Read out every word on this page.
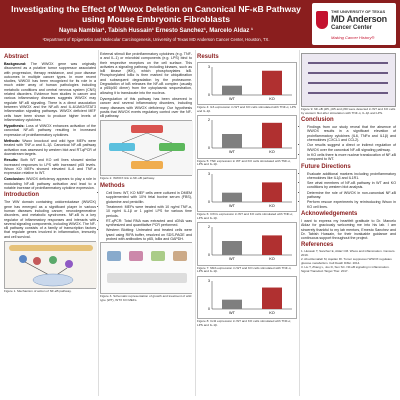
Investigating the Effect of Wwox Deletion on Canonical NF-κB Pathway using Mouse Embryonic Fibroblasts
Nayna Nambiar¹, Tabish Hussain¹ Ernesto Sanchez¹, Marcelo Aldaz ¹
¹Department of Epigenetics and Molecular Carcinogenesis, University of Texas MD Anderson Cancer Center, Houston, TX.
THE UNIVERSITY OF TEXAS
MD Anderson
Cancer Center
Making Cancer History®
Abstract
Background: The WWOX gene was originally discovered as a putative tumor suppressor associated with progression, therapy resistance, and poor disease outcomes in multiple cancer types. In more recent studies, WWOX has been recognized for its role in a much wider array of human pathologies including metabolic conditions and central nervous system (CNS) related disorders. Evidence from studies in cancer and various inflammatory diseases suggests WWOX may regulate NF-κB signaling. There is a direct association between WWOX and the NF-κB and IL-6/JAK2/STAT3 inflammation signaling pathways. WWOX deficient MEF cells have been shown to produce higher levels of inflammatory cytokines.
Hypothesis: Loss of WWOX enhances activation of the canonical NF-κB pathway resulting in increased expression of proinflammatory cytokines.
Methods: Wwox knockout and wild type MEFs were treated with TNF-α and IL-1β. Canonical NF-κB pathway activation was assessed by western blot and RT-qPCR of downstream targets.
Results: Both WT and KO cell lines showed similar increased responses to LPS with increased p65 levels. Wwox KO MEFs showed elevated IL-6 and TNF-α expression relative to WT.
Conclusion: WWOX deficiency appears to play a role in modulating NF-κB pathway activation and lead to a notable increase of proinflammatory cytokine expression.
Introduction
The WW domain containing oxidoreductase (WWOX) gene has emerged as a significant player in various human diseases including cancer, neurodegenerative disorders, and metabolic syndromes. NF-κB is a key regulator of inflammatory responses and interacts with several signaling components, including WWOX. The NF-κB pathway consists of a family of transcription factors that regulate genes involved in inflammation, immunity and cell survival.
Figure 1. Mechanism of action of NF-κB pathway.
External stimuli like proinflammatory cytokines (e.g. TNF-α and IL-1) or microbial components (e.g. LPS) bind to their respective receptors on the cell surface. This activates a signaling pathway, including kinases, such as IκB kinase (IKK), which phosphorylates IκB. Phosphorylated IκBα is then marked for ubiquitination and subsequent degradation by the proteasome. Degradation of IκB releases the NF-κB complex (usually a p65/p50 dimer) from the cytoplasmic sequestration, allowing it to translocate into the nucleus.
Dysregulation of this pathway has been observed in cancer and several inflammatory disorders, including many diseases with WWOX deficiency. Our hypothesis posits that WWOX exerts regulatory control over the NF-κB pathway.
Figure 2. WWOX link to NF-κB pathway.
Methods
• Cell lines: WT, KO MEF cells were cultured in DMEM supplemented with 10% fetal bovine serum (FBS), glutamine and penicillin.
• Treatment: MEFs were treated with 10 ng/ml TNF-α, 10 ng/ml IL-1β or 1 µg/ml LPS for various time periods.
• RT-qPCR: Total RNA was extracted and cDNA was synthesized and quantitative PCR performed.
• Western Blotting: Untreated and treated cells were lysed using RIPA buffer, resolved on SDS-PAGE and probed with antibodies to p65, IκBα and GAPDH.
Figure 3. Schematic representation of growth and treatment of wild type (WT), WTX KO MEFs.
Results
0
3
WT	KO
Figure 4: IL6 expression in WT and KO cells stimulated with TNF-α, LPS and IL-1β.
0
2
WT	KO
Figure 5: TNF expression in WT and KO cells stimulated with TNF-α, LPS and IL-1β.
0
3
WT	KO
Figure 6: CXCL expression in WT and KO cells stimulated with TNF-α, LPS and IL-1β.
0
2
WT	KO
Figure 7: Nfkb expression in WT and KO cells stimulated with TNF-α, LPS and IL-1β.
0
3
WT	KO
Figure 8: Ccl2 expression in WT and KO cells stimulated with TNF-α, LPS and IL-1β.
Figure 9: NF-κB p65, p65 and p50 were detected in WT and KO cells by western blot after stimulation with TNF-α, IL-1β and LPS.
Conclusion
• Findings from our study reveal that the absence of WWOX results in a significant elevation of proinflammatory cytokines (IL6, TNFα and IL1β) and chemokines (CXCL1 and CCL2).
• Our results suggest a direct or indirect regulation of WWOX over the canonical NF-κB signaling pathway.
• In KO cells there is more nuclear translocation of NF-κB compared to WT.
Future Directions
• Evaluate additional markers including proinflammatory chemokines like IL1β and IL1R1.
• See what members of NF-κB pathway in WT and KO conditions by western blot analysis.
• Determine the role of WWOX in non-canonical NF-κB pathway.
• Perform rescue experiments by reintroducing Wwox in KO cell lines.
Acknowledgements
I want to express my heartfelt gratitude to Dr. Marcelo Aldaz for graciously welcoming me into his lab. I am sincerely thankful to my lab mentors, Ernesto Sanchez and Dr. Tabish Hussain, for their invaluable guidance and continuous support throughout the project.
References
1. Hussain T, Sanchez E, Aldaz CM. Wwox and inflammation. Cancers. 2019.
2. Abu-Remaileh M, Aqeilan RI. Tumor suppressor WWOX regulates glucose metabolism. Cell Death Differ. 2014.
3. Liu T, Zhang L, Joo D, Sun SC. NF-κB signaling in inflammation. Signal Transduct Target Ther. 2017.
